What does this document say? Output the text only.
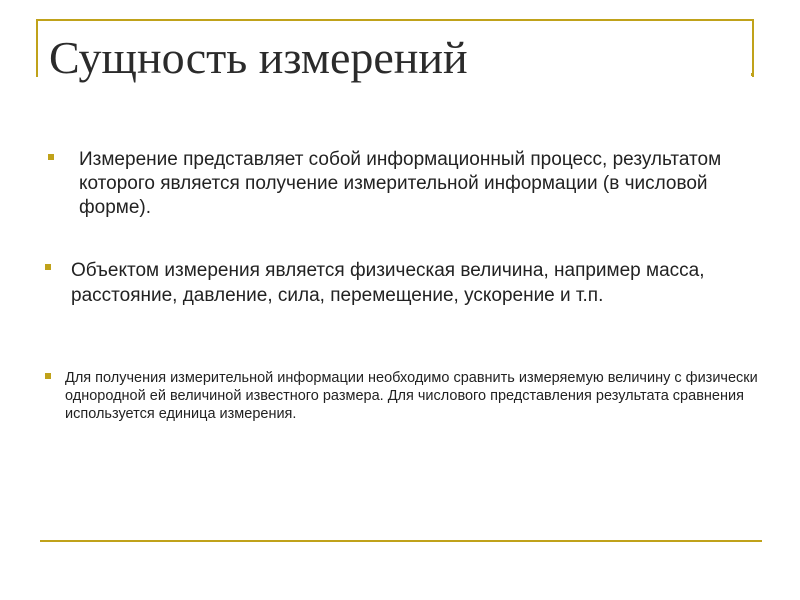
Сущность измерений

Измерение представляет собой информационный процесс, результатом которого является получение измерительной информации (в числовой форме).

Объектом измерения является физическая величина, например масса, расстояние, давление, сила, перемещение, ускорение и т.п.

Для получения измерительной информации необходимо сравнить измеряемую величину с физически однородной ей величиной известного размера. Для числового представления результата сравнения используется единица измерения.
